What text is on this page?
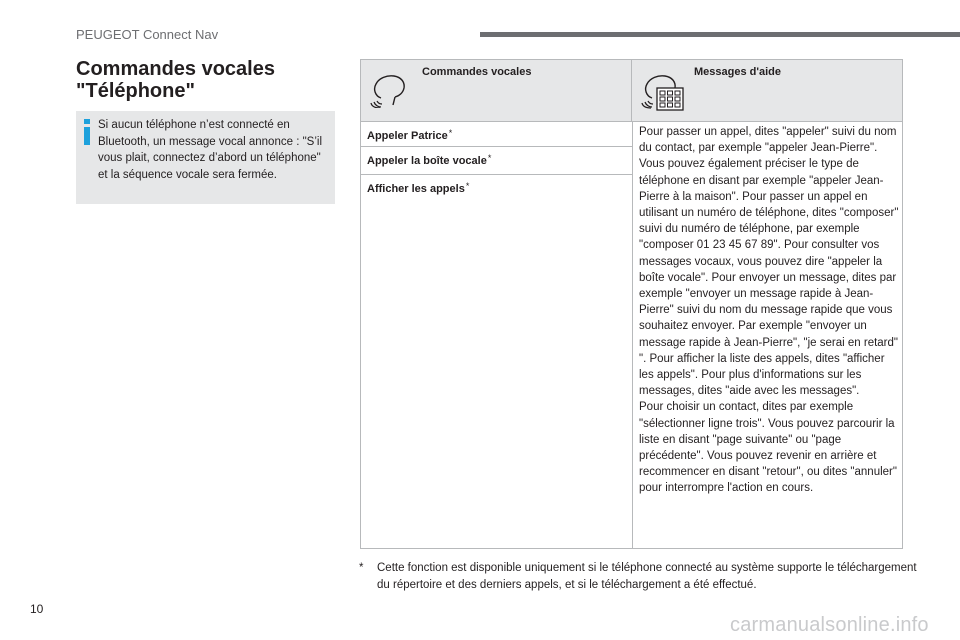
PEUGEOT Connect Nav
Commandes vocales
"Téléphone"
Si aucun téléphone n’est connecté en Bluetooth, un message vocal annonce : "S’il vous plait, connectez d’abord un téléphone" et la séquence vocale sera fermée.
Commandes vocales	Messages d'aide
Appeler Patrice*
Appeler la boîte vocale*
Afficher les appels*
Pour passer un appel, dites "appeler" suivi du nom du contact, par exemple "appeler Jean-Pierre". Vous pouvez également préciser le type de téléphone en disant par exemple "appeler Jean-Pierre à la maison". Pour passer un appel en utilisant un numéro de téléphone, dites "composer" suivi du numéro de téléphone, par exemple "composer 01 23 45 67 89". Pour consulter vos messages vocaux, vous pouvez dire "appeler la boîte vocale". Pour envoyer un message, dites par exemple "envoyer un message rapide à Jean-Pierre" suivi du nom du message rapide que vous souhaitez envoyer. Par exemple "envoyer un message rapide à Jean-Pierre", "je serai en retard" ". Pour afficher la liste des appels, dites "afficher les appels". Pour plus d'informations sur les messages, dites "aide avec les messages".
Pour choisir un contact, dites par exemple "sélectionner ligne trois". Vous pouvez parcourir la liste en disant "page suivante" ou "page précédente". Vous pouvez revenir en arrière et recommencer en disant "retour", ou dites "annuler" pour interrompre l'action en cours.
* Cette fonction est disponible uniquement si le téléphone connecté au système supporte le téléchargement du répertoire et des derniers appels, et si le téléchargement a été effectué.
10
carmanualsonline.info
